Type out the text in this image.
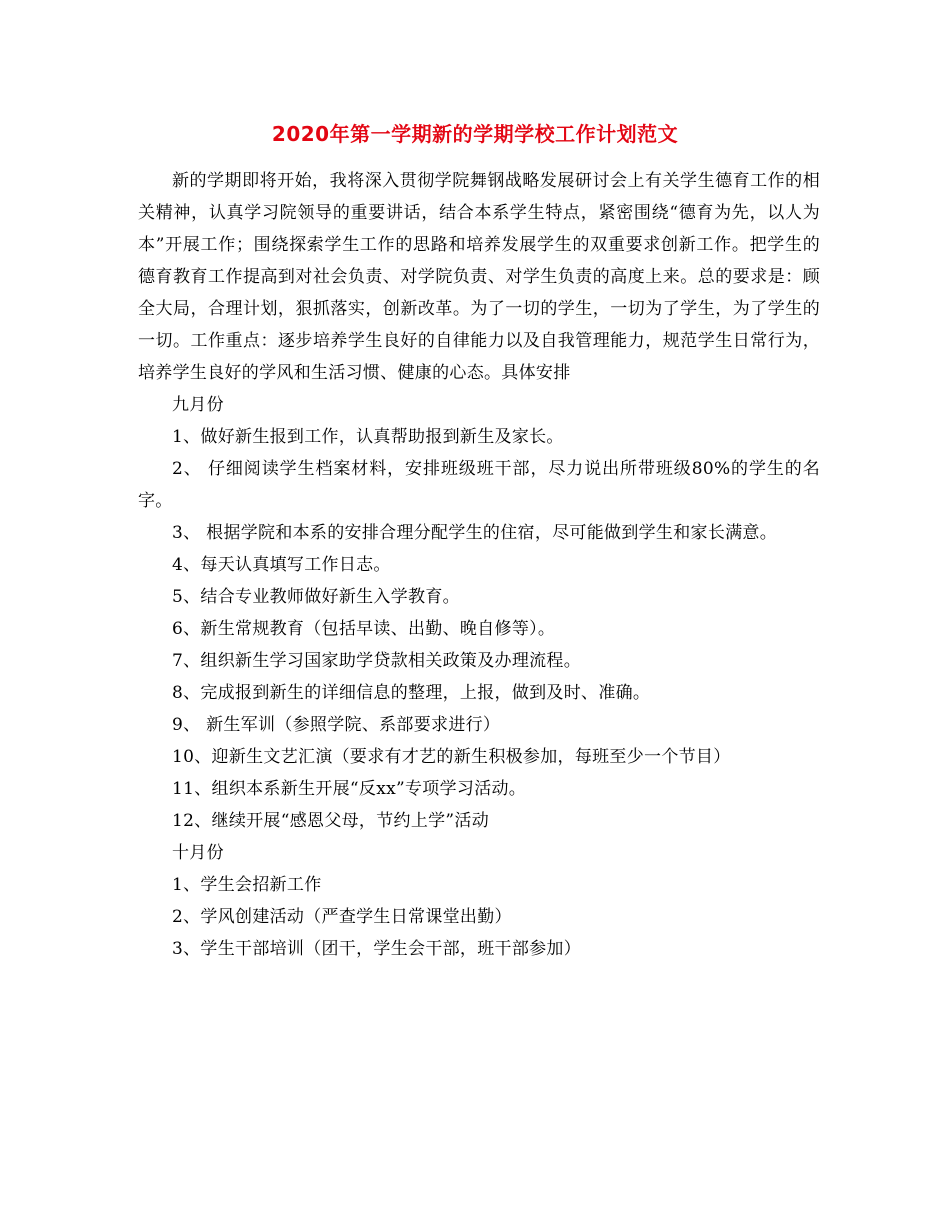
2020年第一学期新的学期学校工作计划范文

新的学期即将开始，我将深入贯彻学院舞钢战略发展研讨会上有关学生德育工作的相关精神，认真学习院领导的重要讲话，结合本系学生特点，紧密围绕“德育为先，以人为本”开展工作；围绕探索学生工作的思路和培养发展学生的双重要求创新工作。把学生的德育教育工作提高到对社会负责、对学院负责、对学生负责的高度上来。总的要求是：顾全大局，合理计划，狠抓落实，创新改革。为了一切的学生，一切为了学生，为了学生的一切。工作重点：逐步培养学生良好的自律能力以及自我管理能力，规范学生日常行为，培养学生良好的学风和生活习惯、健康的心态。具体安排

九月份

1、做好新生报到工作，认真帮助报到新生及家长。

2、 仔细阅读学生档案材料，安排班级班干部，尽力说出所带班级80%的学生的名字。

3、 根据学院和本系的安排合理分配学生的住宿，尽可能做到学生和家长满意。

4、每天认真填写工作日志。

5、结合专业教师做好新生入学教育。

6、新生常规教育（包括早读、出勤、晚自修等）。

7、组织新生学习国家助学贷款相关政策及办理流程。

8、完成报到新生的详细信息的整理，上报，做到及时、准确。

9、 新生军训（参照学院、系部要求进行）

10、迎新生文艺汇演（要求有才艺的新生积极参加，每班至少一个节目）

11、组织本系新生开展“反xx”专项学习活动。

12、继续开展“感恩父母，节约上学”活动

十月份

1、学生会招新工作

2、学风创建活动（严查学生日常课堂出勤）

3、学生干部培训（团干，学生会干部，班干部参加）
